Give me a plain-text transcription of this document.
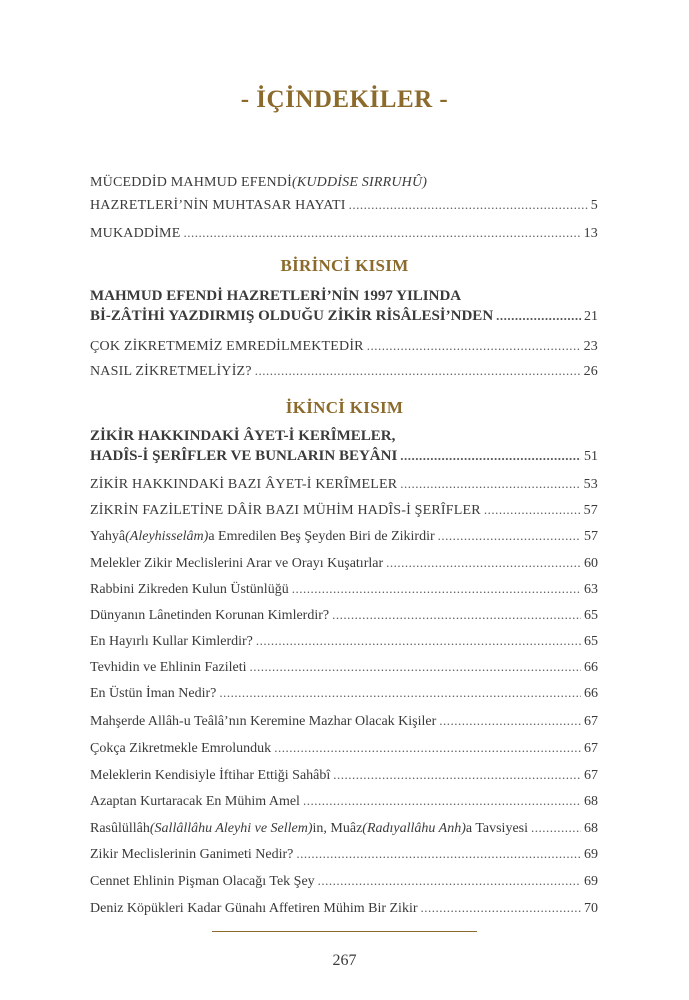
- İÇİNDEKİLER -
MÜCEDDİD MAHMUD EFENDİ (KUDDİSE SIRRUHÛ)
HAZRETLERİ’NİN MUHTASAR HAYATI .....	5
MUKADDİME .....	13
BİRİNCİ KISIM
MAHMUD EFENDİ HAZRETLERİ’NİN 1997 YILINDA
Bİ-ZÂTİHİ YAZDIRMIŞ OLDUĞU ZİKİR RİSÂLESİ’NDEN .....	21
ÇOK ZİKRETMEMİZ EMREDİLMEKTEDİR .....	23
NASIL ZİKRETMELİYİZ? .....	26
İKİNCİ KISIM
ZİKİR HAKKINDAKİ ÂYET-İ KERÎMELER,
HADÎS-İ ŞERÎFLER VE BUNLARIN BEYÂNI .....	51
ZİKİR HAKKINDAKİ BAZI ÂYET-İ KERÎMELER .....	53
ZİKRİN FAZİLETİNE DÂİR BAZI MÜHİM HADÎS-İ ŞERÎFLER .....	57
Yahyâ (Aleyhisselâm) a Emredilen Beş Şeyden Biri de Zikirdir .....	57
Melekler Zikir Meclislerini Arar ve Orayı Kuşatırlar .....	60
Rabbini Zikreden Kulun Üstünlüğü .....	63
Dünyanın Lânetinden Korunan Kimlerdir? .....	65
En Hayırlı Kullar Kimlerdir? .....	65
Tevhidin ve Ehlinin Fazileti .....	66
En Üstün İman Nedir? .....	66
Mahşerde Allâh-u Teâlâ’nın Keremine Mazhar Olacak Kişiler .....	67
Çokça Zikretmekle Emrolunduk .....	67
Meleklerin Kendisiyle İftihar Ettiği Sahâbî .....	67
Azaptan Kurtaracak En Mühim Amel .....	68
Rasûlüllâh (Sallâllâhu Aleyhi ve Sellem) in, Muâz (Radıyallâhu Anh) a Tavsiyesi .....	68
Zikir Meclislerinin Ganimeti Nedir? .....	69
Cennet Ehlinin Pişman Olacağı Tek Şey .....	69
Deniz Köpükleri Kadar Günahı Affetiren Mühim Bir Zikir .....	70
267
